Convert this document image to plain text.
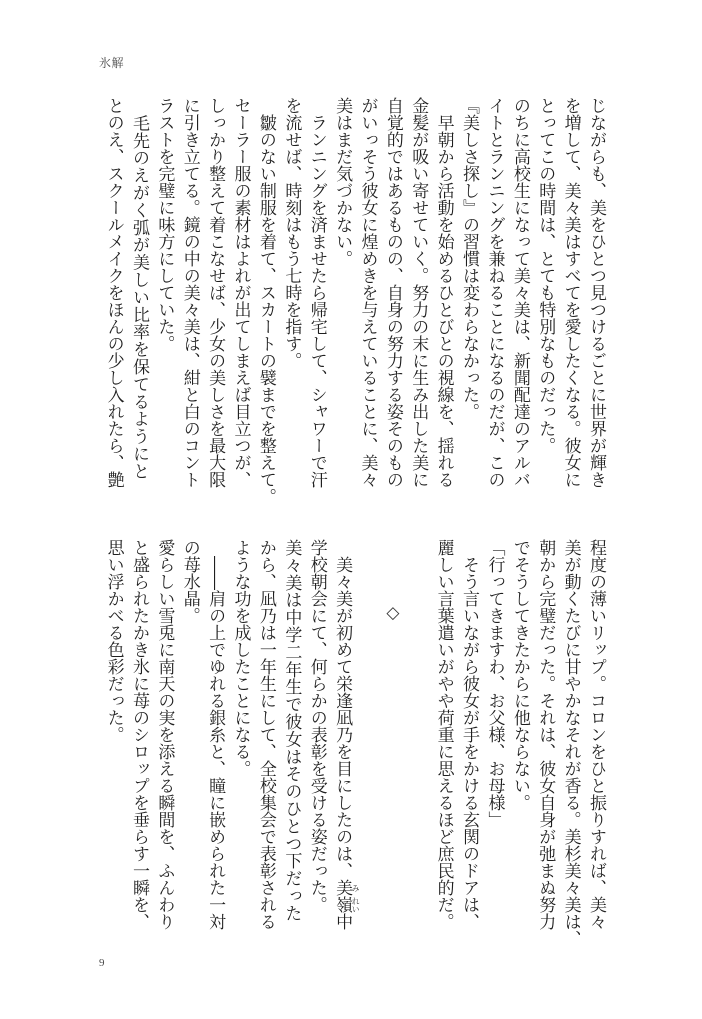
氷解
じながらも、美をひとつ見つけるごとに世界が輝き
を増して、美々美はすべてを愛したくなる。彼女に
とってこの時間は、とても特別なものだった。
のちに高校生になって美々美は、新聞配達のアルバ
イトとランニングを兼ねることになるのだが、この
『美しさ探し』の習慣は変わらなかった。
　早朝から活動を始めるひとびとの視線を、揺れる
金髪が吸い寄せていく。努力の末に生み出した美に
自覚的ではあるものの、自身の努力する姿そのもの
がいっそう彼女に煌めきを与えていることに、美々
美はまだ気づかない。
　ランニングを済ませたら帰宅して、シャワーで汗
を流せば、時刻はもう七時を指す。
　皺のない制服を着て、スカートの襞までを整えて。
セーラー服の素材はよれが出てしまえば目立つが、
しっかり整えて着こなせば、少女の美しさを最大限
に引き立てる。鏡の中の美々美は、紺と白のコント
ラストを完璧に味方にしていた。
　毛先のえがく弧が美しい比率を保てるようにと
とのえ、スクールメイクをほんの少し入れたら、艶
程度の薄いリップ。コロンをひと振りすれば、美々
美が動くたびに甘やかなそれが香る。美杉美々美は、
朝から完璧だった。それは、彼女自身が弛まぬ努力
でそうしてきたからに他ならない。
「行ってきますわ、お父様、お母様」
　そう言いながら彼女が手をかける玄関のドアは、
麗しい言葉遣いがやや荷重に思えるほど庶民的だ。
◇
　美々美が初めて栄逢凪乃を目にしたのは、美 み
嶺 れい
中
学校朝会にて、何らかの表彰を受ける姿だった。
美々美は中学二年生で彼女はそのひとつ下だった
から、凪乃は一年生にして、全校集会で表彰される
ような功を成したことになる。
　――肩の上でゆれる銀糸と、瞳に嵌められた一対
の苺水晶。
愛らしい雪兎に南天の実を添える瞬間を、ふんわり
と盛られたかき氷に苺のシロップを垂らす一瞬を、
思い浮かべる色彩だった。
9
